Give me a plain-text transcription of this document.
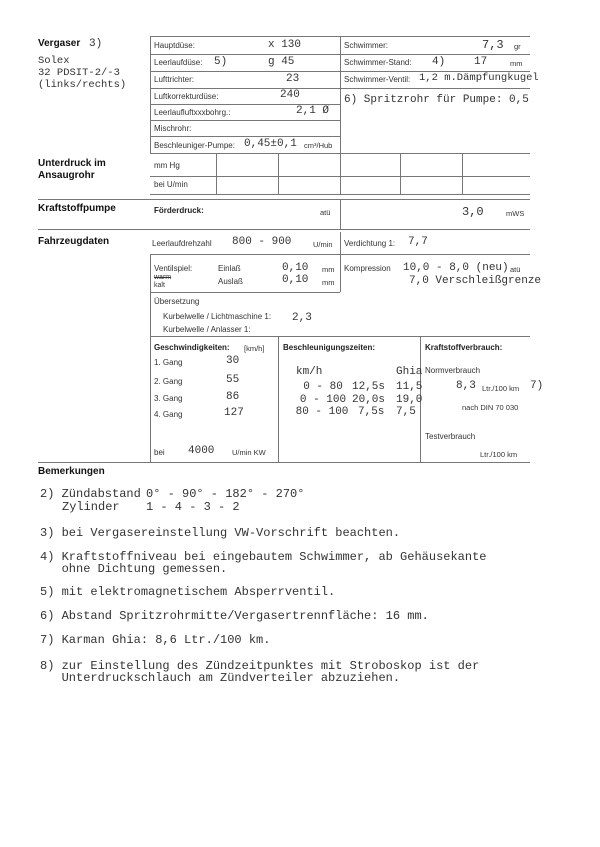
Vergaser 3)
Solex
32 PDSIT-2/-3
(links/rechts)
Hauptdüse:	x 130
Leerlaufdüse: 5)	g 45
Lufttrichter:	23
Luftkorrekturdüse:	240
Leerlaufluftxxxbohrg.:	2,1 Ø
Mischrohr:
Beschleuniger-Pumpe: 0,45±0,1 cm³/Hub
Schwimmer:	7,3 gr
Schwimmer-Stand: 4)	17	mm
Schwimmer-Ventil: 1,2 m.Dämpfungkugel
6) Spritzrohr für Pumpe: 0,5
Unterdruck im
Ansaugrohr
mm Hg
bei U/min
Kraftstoffpumpe	Förderdruck:	atü	3,0	mWS
Fahrzeugdaten	Leerlaufdrehzahl 800 - 900	U/min Verdichtung 1: 7,7
Ventilspiel:
warm
kalt
Einlaß	0,10 mm
Auslaß	0,10 mm
Kompression 10,0 - 8,0 (neu) atü
7,0 Verschleißgrenze
Übersetzung
Kurbelwelle / Lichtmaschine 1: 2,3
Kurbelwelle / Anlasser 1:
Geschwindigkeiten: [km/h]
1. Gang	30
2. Gang	55
3. Gang	86
4. Gang	127
bei 4000 U/min KW
Beschleunigungszeiten:
km/h	Ghia
0 - 80 12,5s 11,5
0 - 100 20,0s 19,0
80 - 100 7,5s 7,5
Kraftstoffverbrauch:
Normverbrauch
8,3 Ltr./100 km 7)
nach DIN 70 030
Testverbrauch
Ltr./100 km
Bemerkungen
2) Zündabstand 0° - 90° - 182° - 270°
Zylinder 1 - 4 - 3 - 2
3) bei Vergasereinstellung VW-Vorschrift beachten.
4) Kraftstoffniveau bei eingebautem Schwimmer, ab Gehäusekante
ohne Dichtung gemessen.
5) mit elektromagnetischem Absperrventil.
6) Abstand Spritzrohrmitte/Vergasertrennfläche: 16 mm.
7) Karman Ghia: 8,6 Ltr./100 km.
8) zur Einstellung des Zündzeitpunktes mit Stroboskop ist der
Unterdruckschlauch am Zündverteiler abzuziehen.
